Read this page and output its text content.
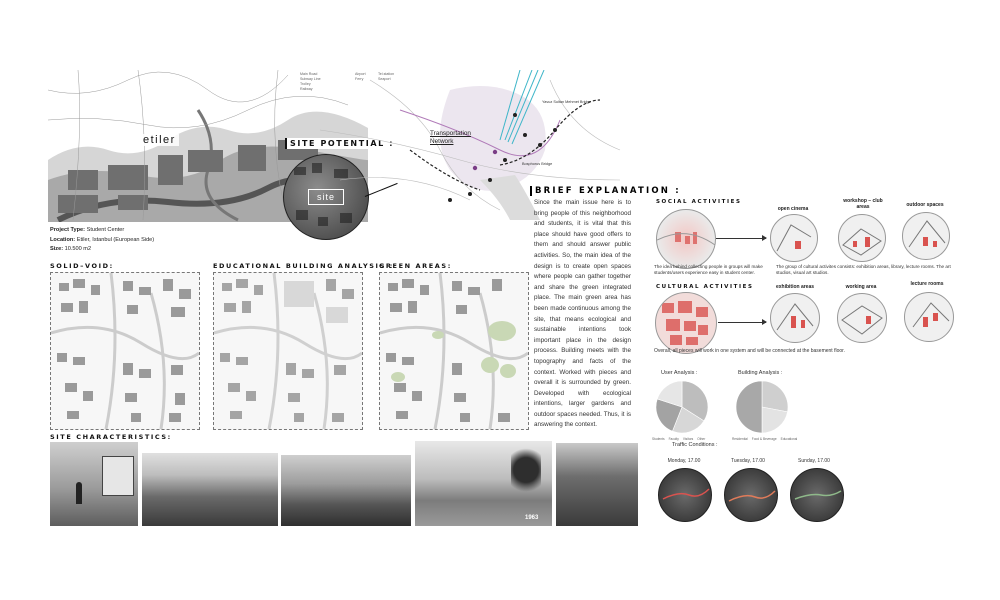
etiler	SITE POTENTIAL :
site
Main Road
Subway Line
Trolley
Railway
Airport
Ferry
Tel.station
Seaport
Transportation Network
Yavuz Sultan Mehmet Bridge
Bosphorus Bridge
Project Type: Student Center
Location: Etiler, Istanbul (European Side)
Size: 10.500 m2
SOLID–VOID:	EDUCATIONAL BUILDING ANALYSIS :
GREEN AREAS:
SITE CHARACTERISTICS:
1963
BRIEF EXPLANATION :
Since the main issue here is to bring people of this neighborhood and students, it is vital that this place should have good offers to them and should answer public activities. So, the main idea of the design is to create open spaces where people can gather together and share the green integrated place. The main green area has been made continuous among the site, that means ecological and sustainable intentions took important place in the design process. Building meets with the topography and facts of the context. Worked with pieces and overall it is surrounded by green. Developed with ecological intentions, larger gardens and outdoor spaces needed. Thus, it is answering the context.
SOCIAL ACTIVITIES
open cinema
workshop – club areas	outdoor spaces
The idea behind collecting people in groups will make students/users experience easy in student center.
The group of cultural activites consists: exhibition areas, library, lecture rooms. The art studios, visual art studios.
CULTURAL ACTIVITIES	exhibition areas	working area	lecture rooms
Overall, all pieces will work in one system and will be connected at the basement floor.
User Analysis :	Building Analysis :
Students Faculty Visitors Other	Residential Food & Beverage Educational
Traffic Conditions :
Monday, 17.00	Tuesday, 17.00	Sunday, 17.00
